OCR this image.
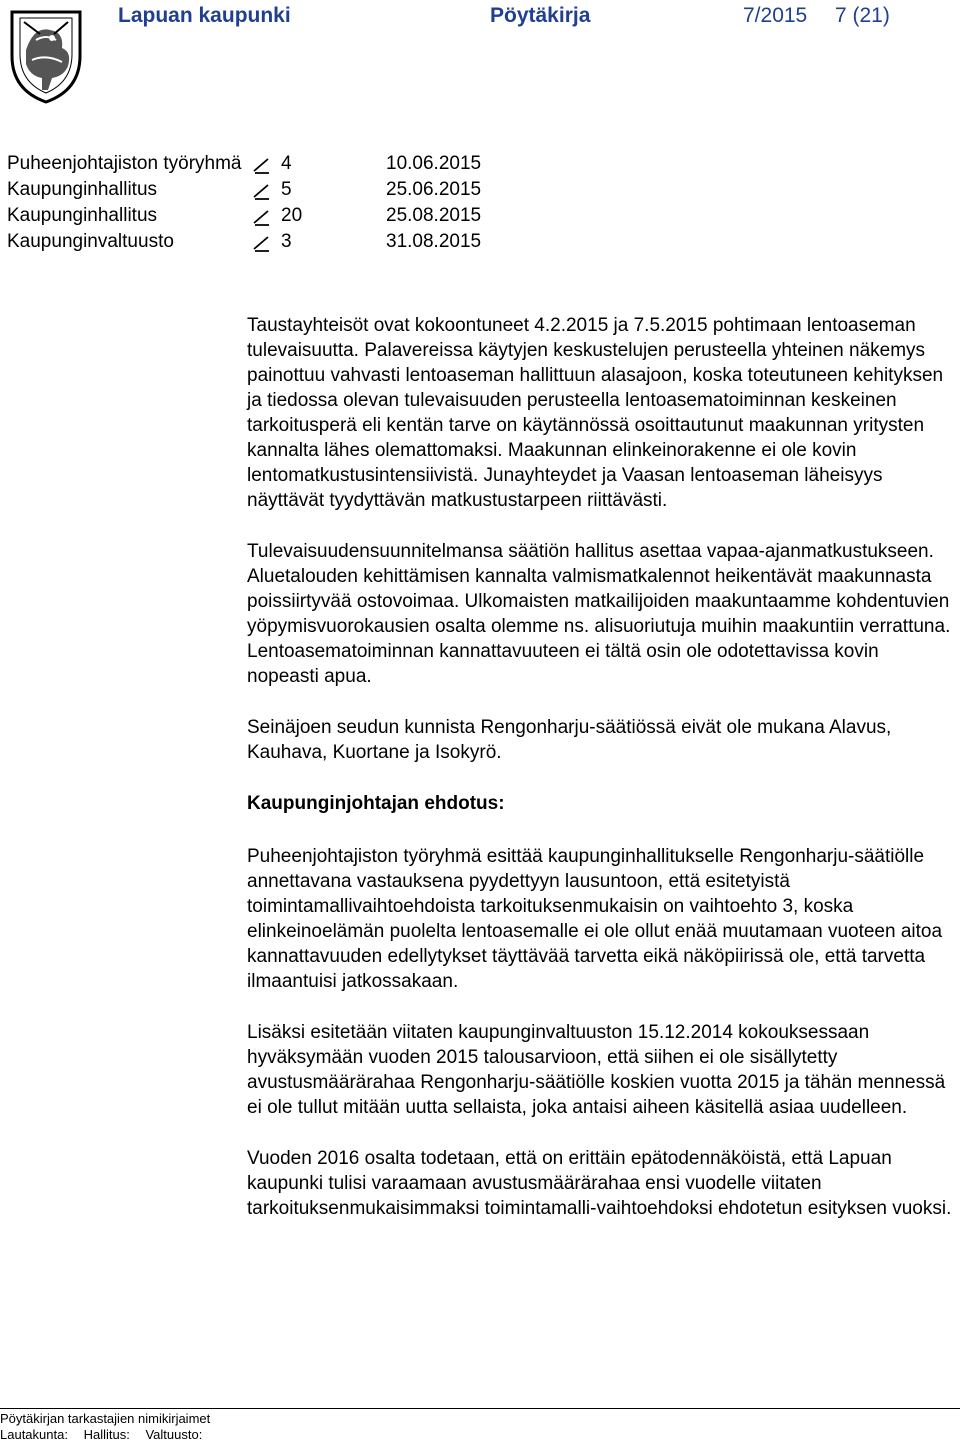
Lapuan kaupunki	Pöytäkirja	7/2015 7 (21)
Puheenjohtajiston työryhmä 4	10.06.2015
Kaupunginhallitus	5	25.06.2015
Kaupunginhallitus	20	25.08.2015
Kaupunginvaltuusto	3	31.08.2015

Taustayhteisöt ovat kokoontuneet 4.2.2015 ja 7.5.2015 pohtimaan lentoaseman tulevaisuutta. Palavereissa käytyjen keskustelujen perusteella yhteinen näkemys painottuu vahvasti lentoaseman hallittuun alasajoon, koska toteutuneen kehityksen ja tiedossa olevan tulevaisuuden perusteella lentoasematoiminnan keskeinen tarkoitusperä eli kentän tarve on käytännössä osoittautunut maakunnan yritysten kannalta lähes olemattomaksi. Maakunnan elinkeinorakenne ei ole kovin lentomatkustusintensiivistä. Junayhteydet ja Vaasan lentoaseman läheisyys näyttävät tyydyttävän matkustustarpeen riittävästi.

Tulevaisuudensuunnitelmansa säätiön hallitus asettaa vapaa-ajanmatkustukseen. Aluetalouden kehittämisen kannalta valmismatkalennot heikentävät maakunnasta poissiirtyvää ostovoimaa. Ulkomaisten matkailijoiden maakuntaamme kohdentuvien yöpymisvuorokausien osalta olemme ns. alisuoriutuja muihin maakuntiin verrattuna. Lentoasematoiminnan kannattavuuteen ei tältä osin ole odotettavissa kovin nopeasti apua.

Seinäjoen seudun kunnista Rengonharju-säätiössä eivät ole mukana Alavus, Kauhava, Kuortane ja Isokyrö.

Kaupunginjohtajan ehdotus:

Puheenjohtajiston työryhmä esittää kaupunginhallitukselle Rengonharju-säätiölle annettavana vastauksena pyydettyyn lausuntoon, että esitetyistä toimintamallivaihtoehdoista tarkoituksenmukaisin on vaihtoehto 3, koska elinkeinoelämän puolelta lentoasemalle ei ole ollut enää muutamaan vuoteen aitoa kannattavuuden edellytykset täyttävää tarvetta eikä näköpiirissä ole, että tarvetta ilmaantuisi jatkossakaan.

Lisäksi esitetään viitaten kaupunginvaltuuston 15.12.2014 kokouksessaan hyväksymään vuoden 2015 talousarvioon, että siihen ei ole sisällytetty avustusmäärärahaa Rengonharju-säätiölle koskien vuotta 2015 ja tähän mennessä ei ole tullut mitään uutta sellaista, joka antaisi aiheen käsitellä asiaa uudelleen.

Vuoden 2016 osalta todetaan, että on erittäin epätodennäköistä, että Lapuan kaupunki tulisi varaamaan avustusmäärärahaa ensi vuodelle viitaten tarkoituksenmukaisimmaksi toimintamalli-vaihtoehdoksi ehdotetun esityksen vuoksi.

Pöytäkirjan tarkastajien nimikirjaimet
Lautakunta: Hallitus: Valtuusto:
